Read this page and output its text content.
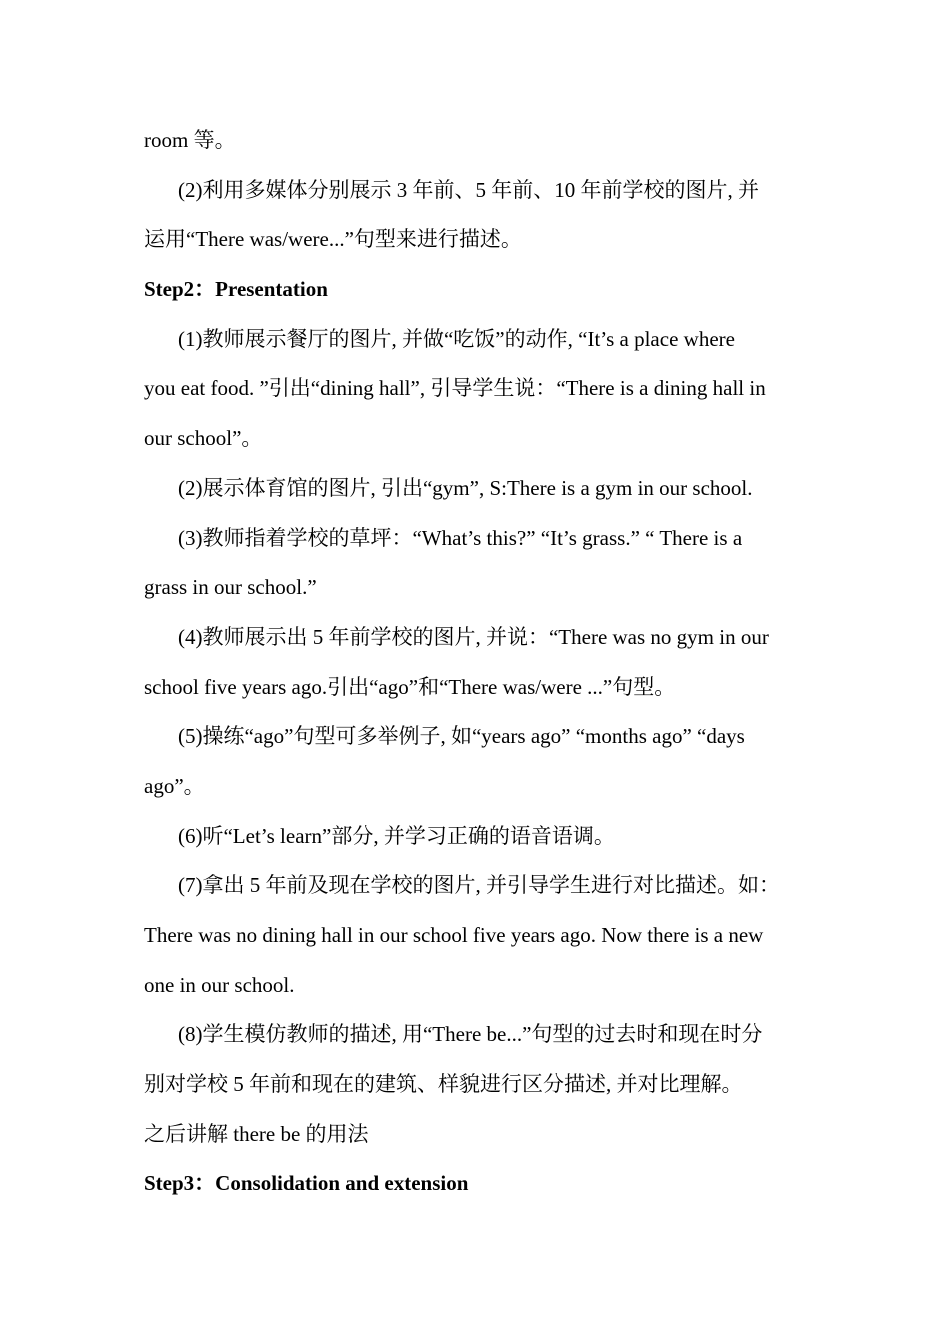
room 等。
(2)利用多媒体分别展示 3 年前、5 年前、10 年前学校的图片, 并
运用“There was/were...”句型来进行描述。
Step2：Presentation
(1)教师展示餐厅的图片, 并做“吃饭”的动作, “It’s a place where
you eat food. ”引出“dining hall”, 引导学生说：“There is a dining hall in
our school”。
(2)展示体育馆的图片, 引出“gym”, S:There is a gym in our school.
(3)教师指着学校的草坪：“What’s this?” “It’s grass.” “ There is a
grass in our school.”
(4)教师展示出 5 年前学校的图片, 并说：“There was no gym in our
school five years ago.引出“ago”和“There was/were ...”句型。
(5)操练“ago”句型可多举例子, 如“years ago” “months ago” “days
ago”。
(6)听“Let’s learn”部分, 并学习正确的语音语调。
(7)拿出 5 年前及现在学校的图片, 并引导学生进行对比描述。如：
There was no dining hall in our school five years ago. Now there is a new
one in our school.
(8)学生模仿教师的描述, 用“There be...”句型的过去时和现在时分
别对学校 5 年前和现在的建筑、样貌进行区分描述, 并对比理解。
之后讲解 there be 的用法
Step3：Consolidation and extension
